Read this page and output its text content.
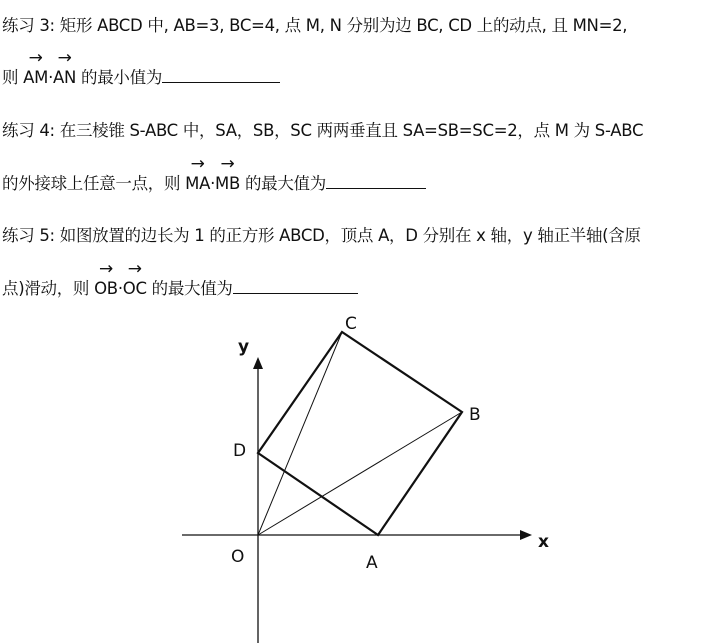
练习 3: 矩形 ABCD 中, AB=3, BC=4, 点 M, N 分别为边 BC, CD 上的动点, 且 MN=2,
则 → AM·→ AN 的最小值为
练习 4: 在三棱锥 S-ABC 中，SA，SB，SC 两两垂直且 SA=SB=SC=2，点 M 为 S-ABC
的外接球上任意一点，则 → MA·→ MB 的最大值为
练习 5: 如图放置的边长为 1 的正方形 ABCD，顶点 A，D 分别在 x 轴，y 轴正半轴(含原
点)滑动，则 → OB·→ OC 的最大值为
y
x
C
B
D
O	A
